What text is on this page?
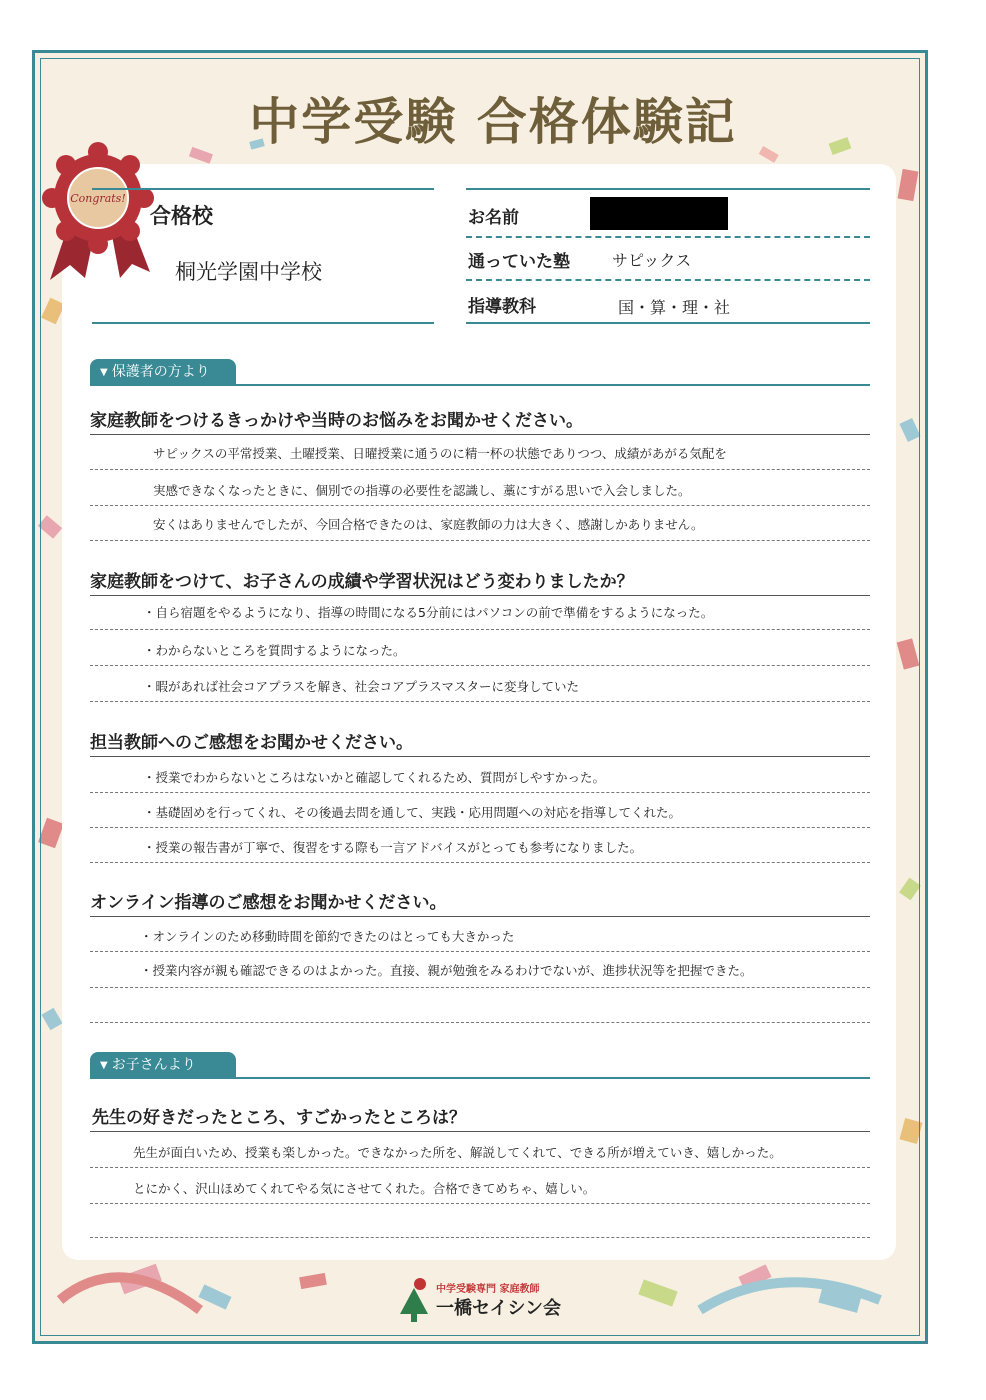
中学受験 合格体験記
Congrats!
合格校
桐光学園中学校
お名前
通っていた塾	サピックス
指導教科	国・算・理・社
▼ 保護者の方より
家庭教師をつけるきっかけや当時のお悩みをお聞かせください。
サピックスの平常授業、土曜授業、日曜授業に通うのに精一杯の状態でありつつ、成績があがる気配を
実感できなくなったときに、個別での指導の必要性を認識し、藁にすがる思いで入会しました。
安くはありませんでしたが、今回合格できたのは、家庭教師の力は大きく、感謝しかありません。
家庭教師をつけて、お子さんの成績や学習状況はどう変わりましたか？
・自ら宿題をやるようになり、指導の時間になる5分前にはパソコンの前で準備をするようになった。
・わからないところを質問するようになった。
・暇があれば社会コアプラスを解き、社会コアプラスマスターに変身していた
担当教師へのご感想をお聞かせください。
・授業でわからないところはないかと確認してくれるため、質問がしやすかった。
・基礎固めを行ってくれ、その後過去問を通して、実践・応用問題への対応を指導してくれた。
・授業の報告書が丁寧で、復習をする際も一言アドバイスがとっても参考になりました。
オンライン指導のご感想をお聞かせください。
・オンラインのため移動時間を節約できたのはとっても大きかった
・授業内容が親も確認できるのはよかった。直接、親が勉強をみるわけでないが、進捗状況等を把握できた。
▼ お子さんより
先生の好きだったところ、すごかったところは？
先生が面白いため、授業も楽しかった。できなかった所を、解説してくれて、できる所が増えていき、嬉しかった。
とにかく、沢山ほめてくれてやる気にさせてくれた。合格できてめちゃ、嬉しい。
中学受験専門 家庭教師
一橋セイシン会
